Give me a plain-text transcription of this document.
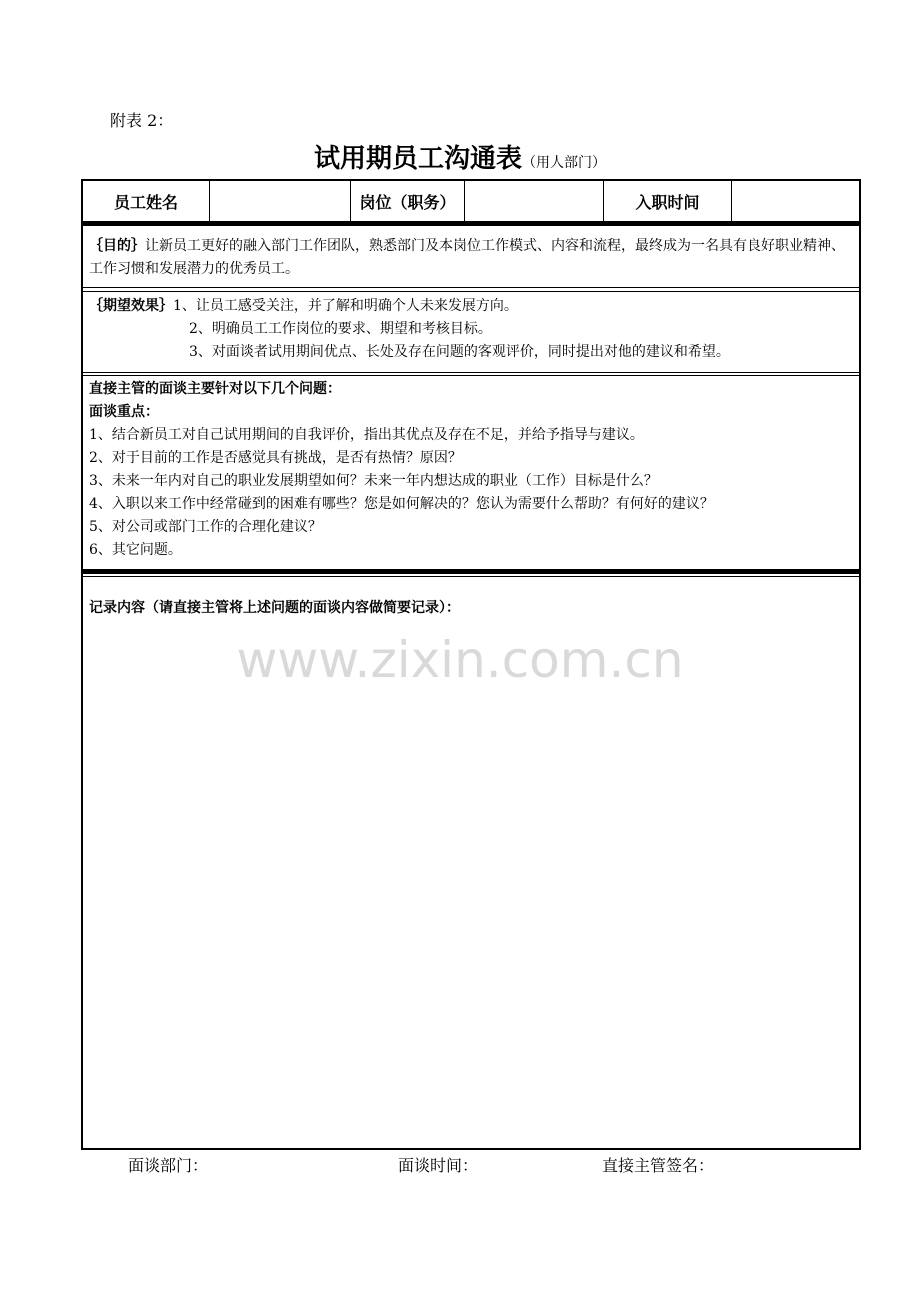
附表 2：
试用期员工沟通表（用人部门）
员工姓名	岗位（职务）	入职时间
｛目的｝让新员工更好的融入部门工作团队，熟悉部门及本岗位工作模式、内容和流程，最终成为一名具有良好职业精神、工作习惯和发展潜力的优秀员工。
｛期望效果｝1、让员工感受关注，并了解和明确个人未来发展方向。
2、明确员工工作岗位的要求、期望和考核目标。
3、对面谈者试用期间优点、长处及存在问题的客观评价，同时提出对他的建议和希望。
直接主管的面谈主要针对以下几个问题：
面谈重点：
1、结合新员工对自己试用期间的自我评价，指出其优点及存在不足，并给予指导与建议。
2、对于目前的工作是否感觉具有挑战，是否有热情？原因？
3、未来一年内对自己的职业发展期望如何？未来一年内想达成的职业（工作）目标是什么？
4、入职以来工作中经常碰到的困难有哪些？您是如何解决的？您认为需要什么帮助？有何好的建议？
5、对公司或部门工作的合理化建议？
6、其它问题。
记录内容（请直接主管将上述问题的面谈内容做简要记录）：
www.zixin.com.cn
面谈部门：	面谈时间：	直接主管签名：
